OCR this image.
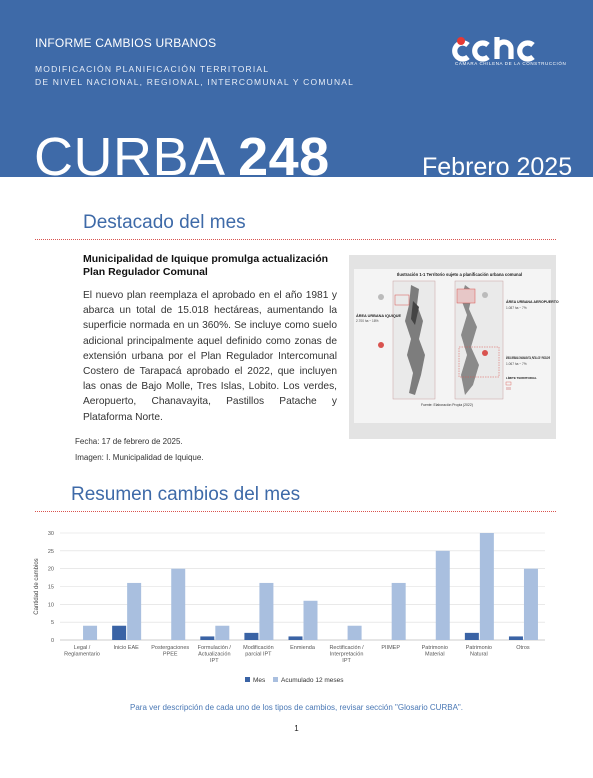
INFORME CAMBIOS URBANOS
MODIFICACIÓN PLANIFICACIÓN TERRITORIAL
DE NIVEL NACIONAL, REGIONAL, INTERCOMUNAL Y COMUNAL
CÁMARA CHILENA DE LA CONSTRUCCIÓN
CURBA 248	Febrero 2025
Destacado del mes
Municipalidad de Iquique promulga actualización Plan Regulador Comunal
El nuevo plan reemplaza el aprobado en el año 1981 y abarca un total de 15.018 hectáreas, aumentando la superficie normada en un 360%. Se incluye como suelo adicional principalmente aquel definido como zonas de extensión urbana por el Plan Regulador Intercomunal Costero de Tarapacá aprobado el 2022, que incluyen las onas de Bajo Molle, Tres Islas, Lobito. Los verdes, Aeropuerto, Chanavayita, Pastillos Patache y Plataforma Norte.
Ilustración 1-1 Territorio sujeto a planificación urbana comunal
ÁREA URBANA IQUIQUE
2.700 ha ~ 18%
ÁREA URBANA AEROPUERTO
1.087 ha ~ 7%
ÁREA URBANA CHANAVAYITA, PATILLOS Y PATACHE
1.067 ha ~ 7%
LÍMITE TERRITORIAL
Fuente: Elaboración Propia (2022)
Fecha: 17 de febrero de 2025.
Imagen: I. Municipalidad de Iquique.
Resumen cambios del mes
0
5
10
15
20
25
30
Cantidad de cambios
Legal / Reglamentario
Inicio EAE Postergaciones PPEE
Formulación / Actualización IPT
Modificación parcial IPT
Enmienda	Rectificación / Interpretación IPT
PIIMEP	Patrimonio Material
Patrimonio Natural
Otros
Mes Acumulado 12 meses
Para ver descripción de cada uno de los tipos de cambios, revisar sección "Glosario CURBA".
1
